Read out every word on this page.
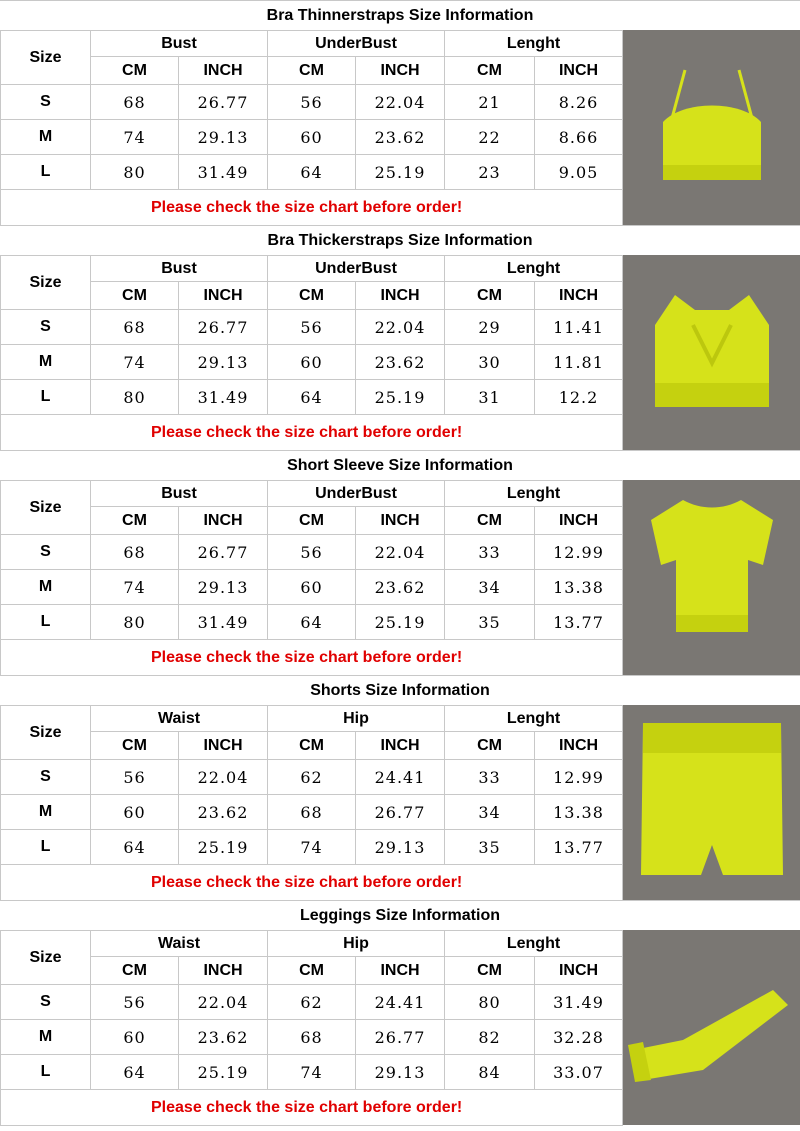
Bra Thinnerstraps Size Information
Size	Bust		UnderBust		Lenght	
	CM	INCH	CM	INCH	CM	INCH
S	68	26.77	56	22.04	21	8.26
M	74	29.13	60	23.62	22	8.66
L	80	31.49	64	25.19	23	9.05
Please check the size chart before order!						
Bra Thickerstraps Size Information
Size	Bust		UnderBust		Lenght	
	CM	INCH	CM	INCH	CM	INCH
S	68	26.77	56	22.04	29	11.41
M	74	29.13	60	23.62	30	11.81
L	80	31.49	64	25.19	31	12.2
Please check the size chart before order!						
Short Sleeve Size Information
Size	Bust		UnderBust		Lenght	
	CM	INCH	CM	INCH	CM	INCH
S	68	26.77	56	22.04	33	12.99
M	74	29.13	60	23.62	34	13.38
L	80	31.49	64	25.19	35	13.77
Please check the size chart before order!						
Shorts Size Information
Size	Waist		Hip		Lenght	
	CM	INCH	CM	INCH	CM	INCH
S	56	22.04	62	24.41	33	12.99
M	60	23.62	68	26.77	34	13.38
L	64	25.19	74	29.13	35	13.77
Please check the size chart before order!						
Leggings Size Information
Size	Waist		Hip		Lenght	
	CM	INCH	CM	INCH	CM	INCH
S	56	22.04	62	24.41	80	31.49
M	60	23.62	68	26.77	82	32.28
L	64	25.19	74	29.13	84	33.07
Please check the size chart before order!						
